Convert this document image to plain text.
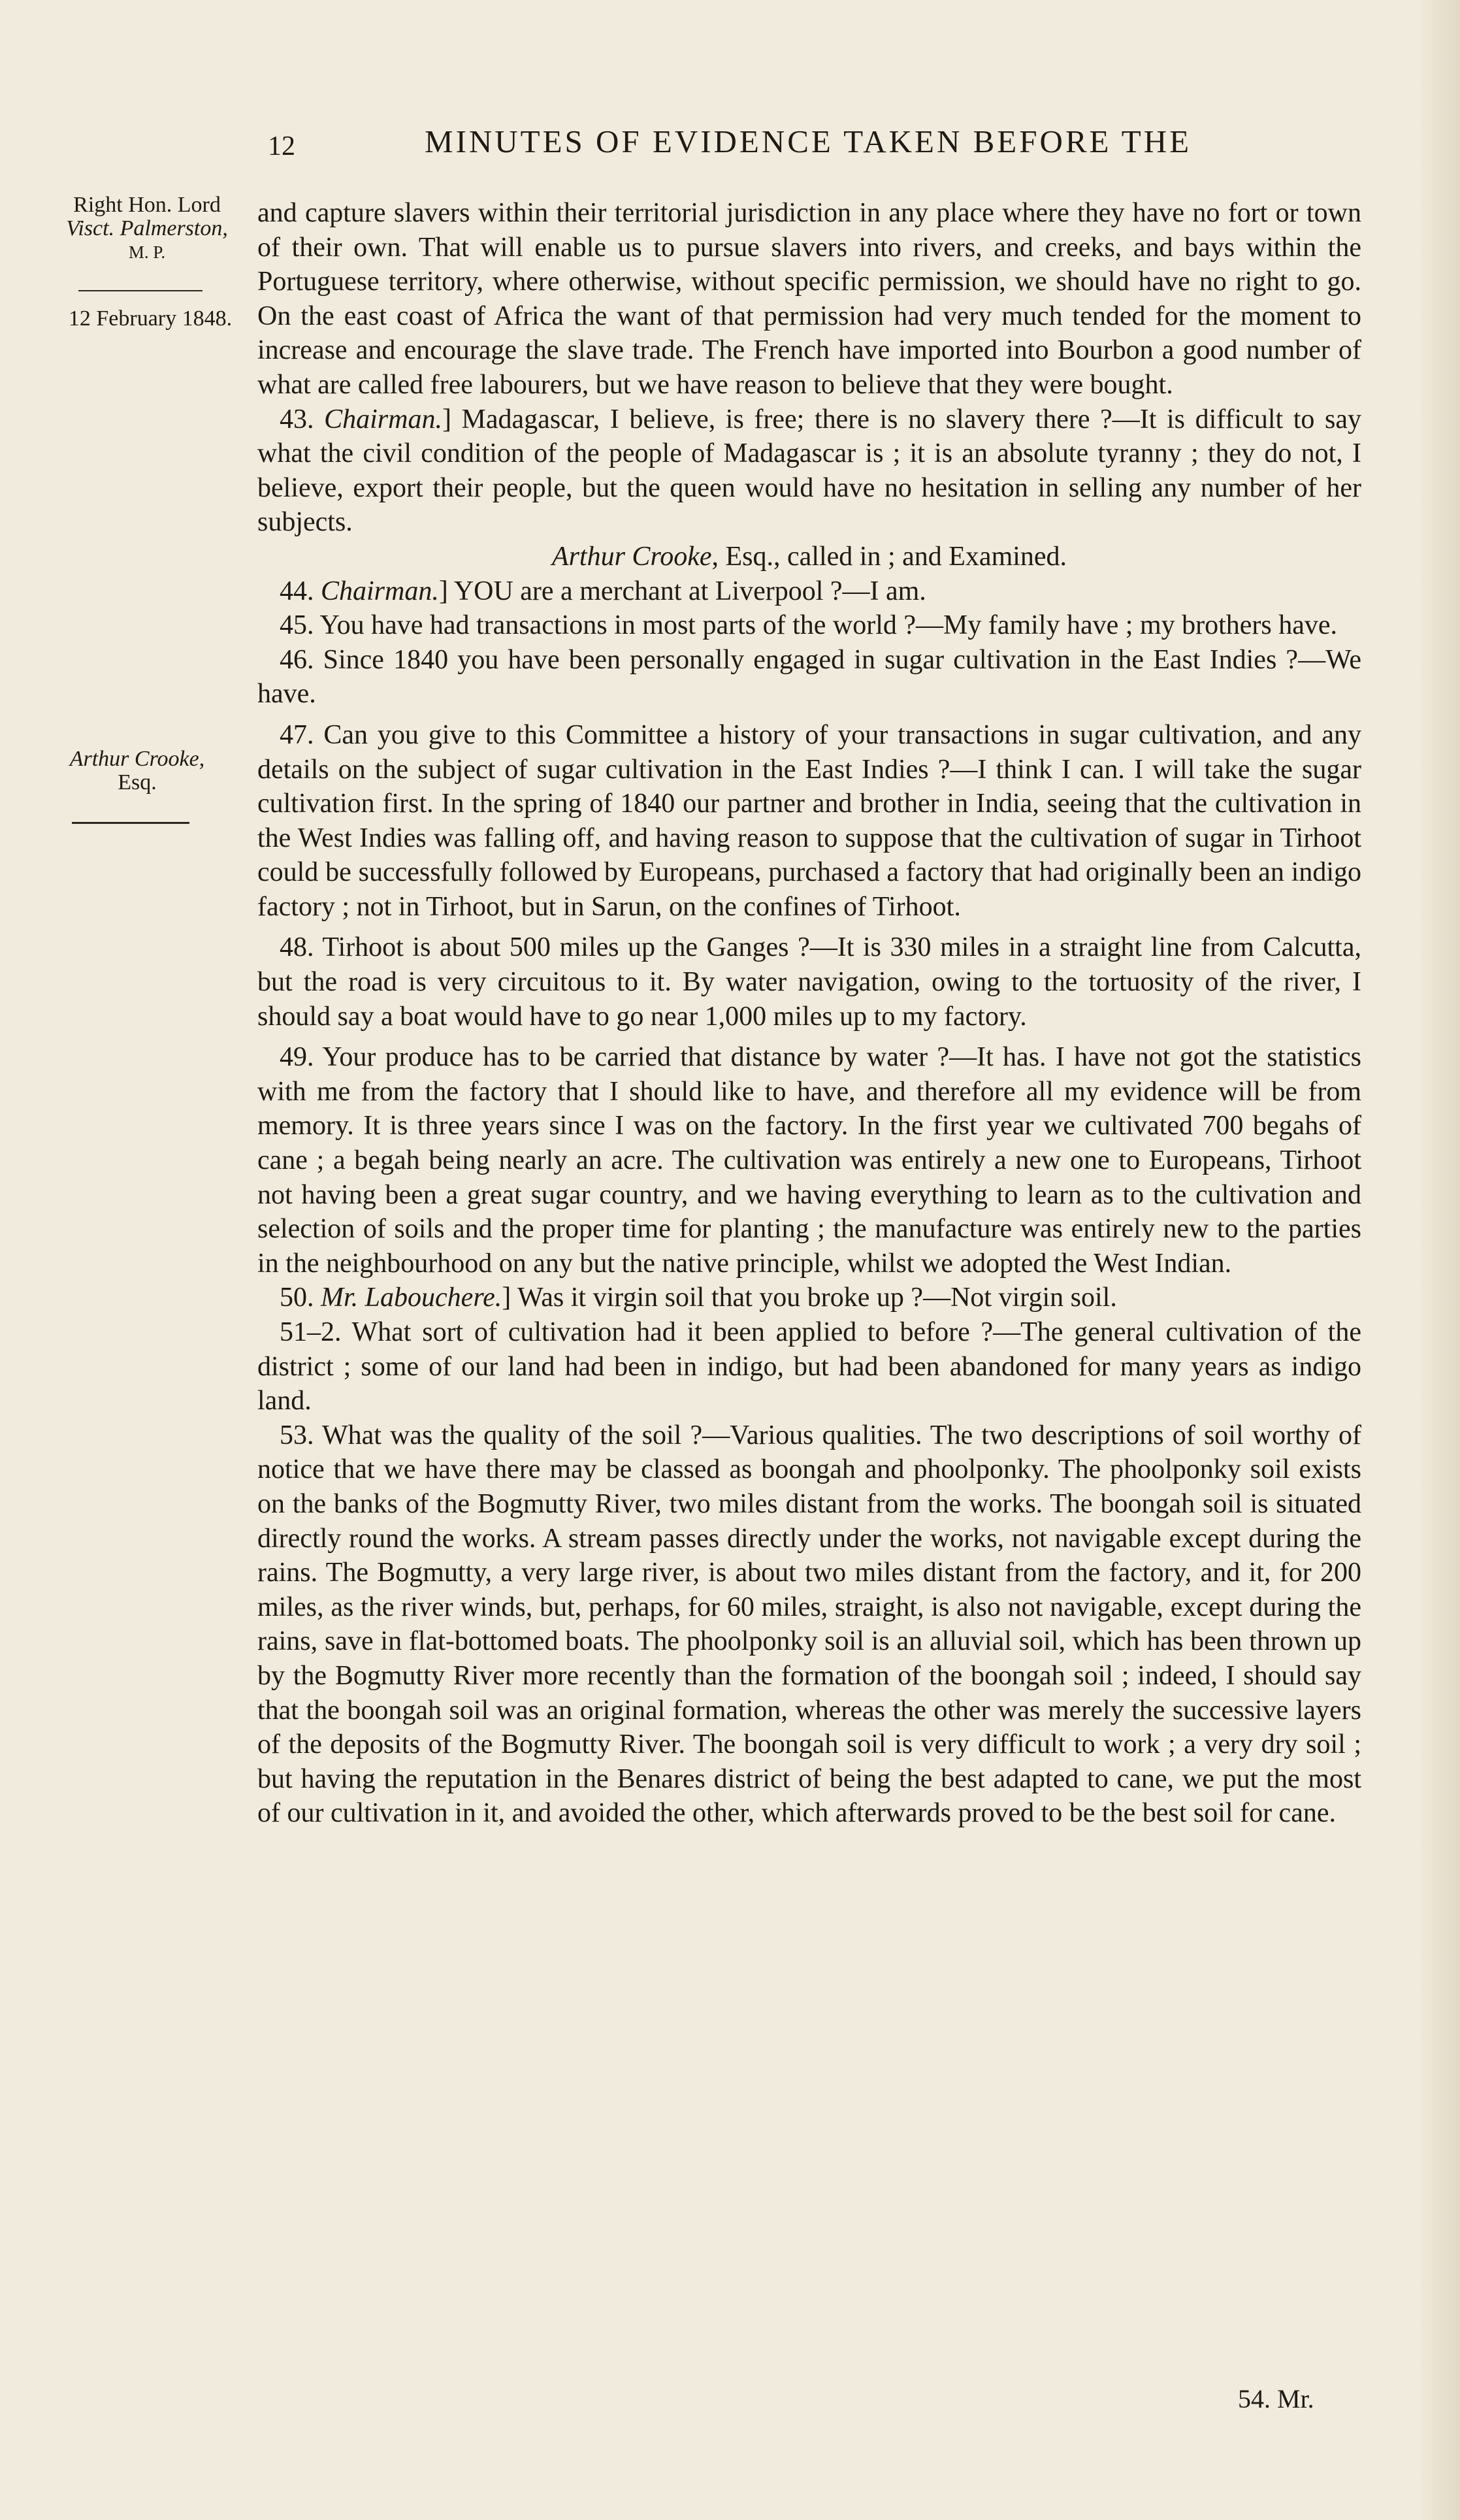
12	MINUTES OF EVIDENCE TAKEN BEFORE THE
Right Hon. Lord
Visct. Palmerston,
M. P.
12 February 1848.
Arthur Crooke,
Esq.

and capture slavers within their territorial jurisdiction in any place where they have no fort or town of their own. That will enable us to pursue slavers into rivers, and creeks, and bays within the Portuguese territory, where otherwise, without specific permission, we should have no right to go. On the east coast of Africa the want of that permission had very much tended for the moment to increase and encourage the slave trade. The French have imported into Bourbon a good number of what are called free labourers, but we have reason to believe that they were bought.

43. Chairman.] Madagascar, I believe, is free; there is no slavery there ?—It is difficult to say what the civil condition of the people of Madagascar is ; it is an absolute tyranny ; they do not, I believe, export their people, but the queen would have no hesitation in selling any number of her subjects.

Arthur Crooke, Esq., called in ; and Examined.

44. Chairman.] YOU are a merchant at Liverpool ?—I am.

45. You have had transactions in most parts of the world ?—My family have ; my brothers have.

46. Since 1840 you have been personally engaged in sugar cultivation in the East Indies ?—We have.

47. Can you give to this Committee a history of your transactions in sugar cultivation, and any details on the subject of sugar cultivation in the East Indies ?—I think I can. I will take the sugar cultivation first. In the spring of 1840 our partner and brother in India, seeing that the cultivation in the West Indies was falling off, and having reason to suppose that the cultivation of sugar in Tirhoot could be successfully followed by Europeans, purchased a factory that had originally been an indigo factory ; not in Tirhoot, but in Sarun, on the confines of Tirhoot.

48. Tirhoot is about 500 miles up the Ganges ?—It is 330 miles in a straight line from Calcutta, but the road is very circuitous to it. By water navigation, owing to the tortuosity of the river, I should say a boat would have to go near 1,000 miles up to my factory.

49. Your produce has to be carried that distance by water ?—It has. I have not got the statistics with me from the factory that I should like to have, and therefore all my evidence will be from memory. It is three years since I was on the factory. In the first year we cultivated 700 begahs of cane ; a begah being nearly an acre. The cultivation was entirely a new one to Europeans, Tirhoot not having been a great sugar country, and we having everything to learn as to the cultivation and selection of soils and the proper time for planting ; the manufacture was entirely new to the parties in the neighbourhood on any but the native principle, whilst we adopted the West Indian.

50. Mr. Labouchere.] Was it virgin soil that you broke up ?—Not virgin soil.

51–2. What sort of cultivation had it been applied to before ?—The general cultivation of the district ; some of our land had been in indigo, but had been abandoned for many years as indigo land.

53. What was the quality of the soil ?—Various qualities. The two descriptions of soil worthy of notice that we have there may be classed as boongah and phoolponky. The phoolponky soil exists on the banks of the Bogmutty River, two miles distant from the works. The boongah soil is situated directly round the works. A stream passes directly under the works, not navigable except during the rains. The Bogmutty, a very large river, is about two miles distant from the factory, and it, for 200 miles, as the river winds, but, perhaps, for 60 miles, straight, is also not navigable, except during the rains, save in flat-bottomed boats. The phoolponky soil is an alluvial soil, which has been thrown up by the Bogmutty River more recently than the formation of the boongah soil ; indeed, I should say that the boongah soil was an original formation, whereas the other was merely the successive layers of the deposits of the Bogmutty River. The boongah soil is very difficult to work ; a very dry soil ; but having the reputation in the Benares district of being the best adapted to cane, we put the most of our cultivation in it, and avoided the other, which afterwards proved to be the best soil for cane.

54. Mr.
